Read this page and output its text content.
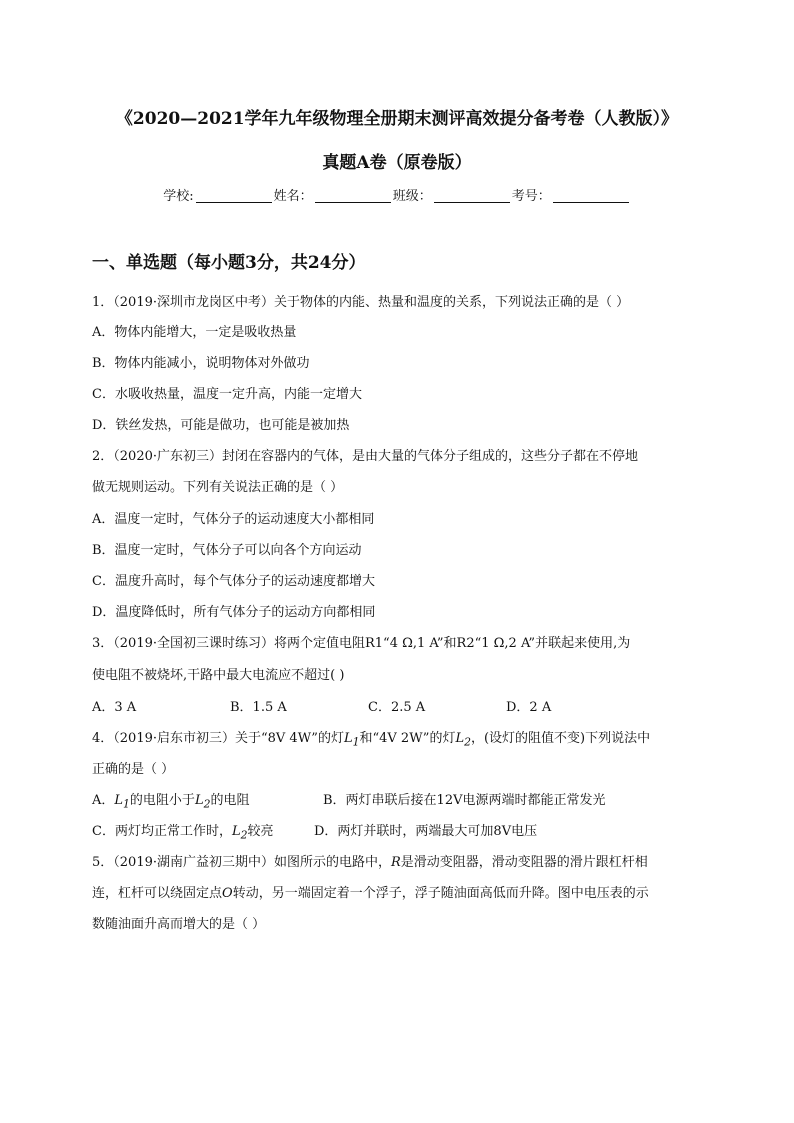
《2020—2021学年九年级物理全册期末测评高效提分备考卷（人教版）》
真题A卷（原卷版）
学校:	姓名：	班级：	考号：
一、单选题（每小题3分，共24分）
1．（2019·深圳市龙岗区中考）关于物体的内能、热量和温度的关系，下列说法正确的是（ ）
A．物体内能增大，一定是吸收热量
B．物体内能减小，说明物体对外做功
C．水吸收热量，温度一定升高，内能一定增大
D．铁丝发热，可能是做功，也可能是被加热
2．（2020·广东初三）封闭在容器内的气体，是由大量的气体分子组成的，这些分子都在不停地
做无规则运动。下列有关说法正确的是（ ）
A．温度一定时，气体分子的运动速度大小都相同
B．温度一定时，气体分子可以向各个方向运动
C．温度升高时，每个气体分子的运动速度都增大
D．温度降低时，所有气体分子的运动方向都相同
3．（2019·全国初三课时练习）将两个定值电阻R1“4 Ω,1 A”和R2“1 Ω,2 A”并联起来使用,为
使电阻不被烧坏,干路中最大电流应不超过( )
A．3 A	B．1.5 A	C．2.5 A	D．2 A
4．（2019·启东市初三）关于“8V 4W”的灯$L_1$和“4V 2W”的灯$L_2$，(设灯的阻值不变)下列说法中
正确的是（ ）
A．$L_1$的电阻小于$L_2$的电阻	B．两灯串联后接在12V电源两端时都能正常发光
C．两灯均正常工作时，$L_2$较亮	D．两灯并联时，两端最大可加8V电压
5．（2019·湖南广益初三期中）如图所示的电路中，R是滑动变阻器，滑动变阻器的滑片跟杠杆相
连，杠杆可以绕固定点O转动，另一端固定着一个浮子，浮子随油面高低而升降。图中电压表的示
数随油面升高而增大的是（ ）
